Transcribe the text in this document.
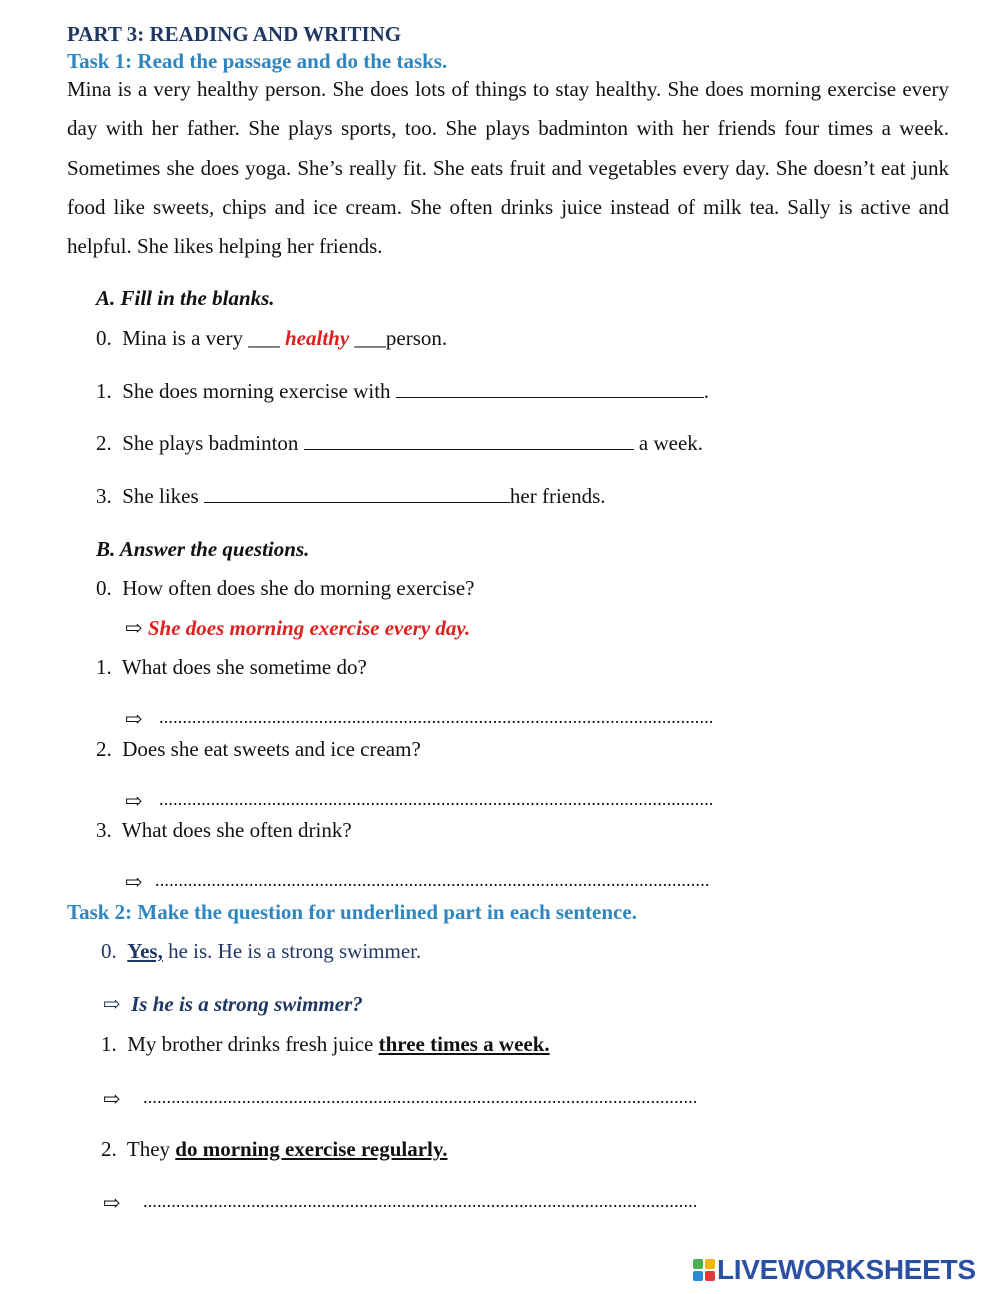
PART 3: READING AND WRITING
Task 1: Read the passage and do the tasks.
Mina is a very healthy person. She does lots of things to stay healthy. She does morning exercise every day with her father. She plays sports, too. She plays badminton with her friends four times a week. Sometimes she does yoga. She’s really fit. She eats fruit and vegetables every day. She doesn’t eat junk food like sweets, chips and ice cream. She often drinks juice instead of milk tea. Sally is active and helpful. She likes helping her friends.
A. Fill in the blanks.
0. Mina is a very ___ healthy ___person.
1. She does morning exercise with	.
2. She plays badminton	a week.
3. She likes	her friends.
B. Answer the questions.
0. How often does she do morning exercise?
⇨ She does morning exercise every day.
1. What does she sometime do?
⇨ ......................................................................................................................
2. Does she eat sweets and ice cream?
⇨ ......................................................................................................................
3. What does she often drink?
⇨ ......................................................................................................................
Task 2: Make the question for underlined part in each sentence.
0. Yes, he is. He is a strong swimmer.
⇨ Is he is a strong swimmer?
1. My brother drinks fresh juice three times a week.
⇨ ......................................................................................................................
2. They do morning exercise regularly.
⇨ ......................................................................................................................
LIVEWORKSHEETS
